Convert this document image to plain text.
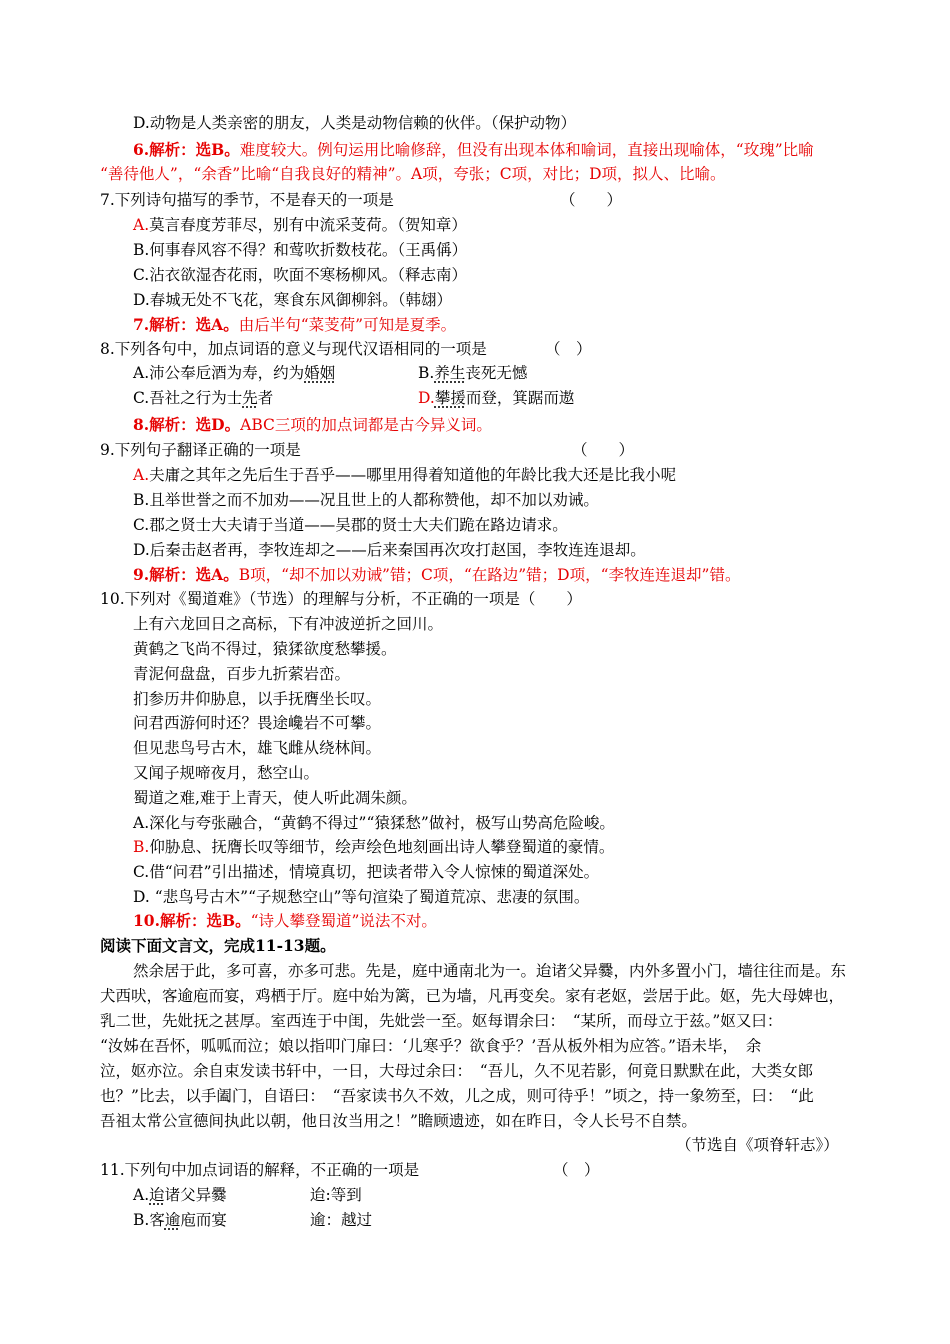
D.动物是人类亲密的朋友，人类是动物信赖的伙伴。（保护动物）
6.解析：选B。难度较大。例句运用比喻修辞，但没有出现本体和喻词，直接出现喻体，“玫瑰”比喻
“善待他人”，“余香”比喻“自我良好的精神”。A项，夸张；C项，对比；D项，拟人、比喻。
7.下列诗句描写的季节，不是春天的一项是	（　　）
A.莫言春度芳菲尽，别有中流采芰荷。（贺知章）
B.何事春风容不得？和莺吹折数枝花。（王禹偁）
C.沾衣欲湿杏花雨，吹面不寒杨柳风。（释志南）
D.春城无处不飞花，寒食东风御柳斜。（韩翃）
7.解析：选A。由后半句“菜芰荷”可知是夏季。
8.下列各句中，加点词语的意义与现代汉语相同的一项是	（　）
A.沛公奉卮酒为寿，约为婚姻	B.养生丧死无憾
C.吾社之行为士先者	D.攀援而登，箕踞而遨
8.解析：选D。ABC三项的加点词都是古今异义词。
9.下列句子翻译正确的一项是	（　　）
A.夫庸之其年之先后生于吾乎——哪里用得着知道他的年龄比我大还是比我小呢
B.且举世誉之而不加劝——况且世上的人都称赞他，却不加以劝诫。
C.郡之贤士大夫请于当道——吴郡的贤士大夫们跪在路边请求。
D.后秦击赵者再，李牧连却之——后来秦国再次攻打赵国，李牧连连退却。
9.解析：选A。B项，“却不加以劝诫”错；C项，“在路边”错；D项，“李牧连连退却”错。
10.下列对《蜀道难》（节选）的理解与分析，不正确的一项是（　　）
上有六龙回日之高标，下有冲波逆折之回川。
黄鹤之飞尚不得过，猿猱欲度愁攀援。
青泥何盘盘，百步九折萦岩峦。
扪参历井仰胁息，以手抚膺坐长叹。
问君西游何时还？畏途巉岩不可攀。
但见悲鸟号古木，雄飞雌从绕林间。
又闻子规啼夜月，愁空山。
蜀道之难,难于上青天，使人听此凋朱颜。
A.深化与夸张融合，“黄鹤不得过”“猿猱愁”做衬，极写山势高危险峻。
B.仰胁息、抚膺长叹等细节，绘声绘色地刻画出诗人攀登蜀道的豪情。
C.借“问君”引出描述，情境真切，把读者带入令人惊悚的蜀道深处。
D. “悲鸟号古木”“子规愁空山”等句渲染了蜀道荒凉、悲凄的氛围。
10.解析：选B。“诗人攀登蜀道”说法不对。
阅读下面文言文，完成11-13题。
然余居于此，多可喜，亦多可悲。先是，庭中通南北为一。迨诸父异爨，内外多置小门，墙往往而是。东
犬西吠，客逾庖而宴，鸡栖于厅。庭中始为篱，已为墙，凡再变矣。家有老妪，尝居于此。妪，先大母婢也，
乳二世，先妣抚之甚厚。室西连于中闺，先妣尝一至。妪每谓余曰：　“某所，而母立于兹。”妪又曰：
“汝姊在吾怀，呱呱而泣；娘以指叩门扉曰：‘儿寒乎？欲食乎？’吾从板外相为应答。”语未毕，　余
泣，妪亦泣。余自束发读书轩中，一日，大母过余曰：　“吾儿，久不见若影，何竟日默默在此，大类女郎
也？”比去，以手阖门，自语曰：　“吾家读书久不效，儿之成，则可待乎！”顷之，持一象笏至，曰：　“此
吾祖太常公宣德间执此以朝，他日汝当用之！”瞻顾遗迹，如在昨日，令人长号不自禁。
（节选自《项脊轩志》）
11.下列句中加点词语的解释，不正确的一项是	（　）
A.迨诸父异爨	迨:等到
B.客逾庖而宴	逾：越过
